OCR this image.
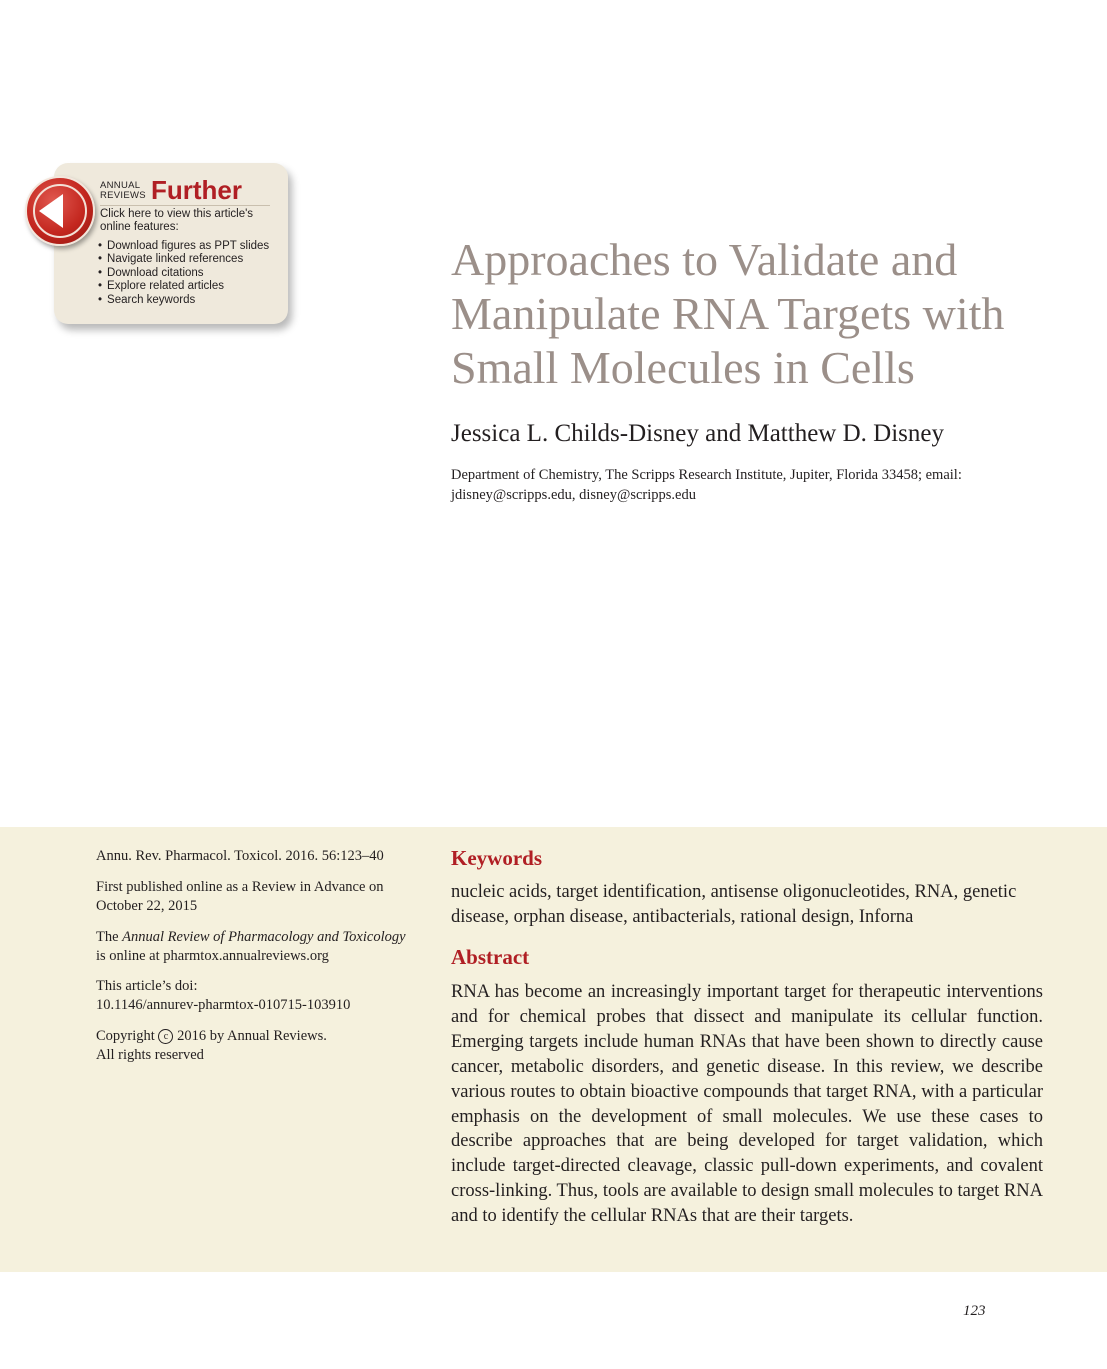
ANNUAL REVIEWS Further
Click here to view this article's online features:
• Download figures as PPT slides
• Navigate linked references
• Download citations
• Explore related articles
• Search keywords
Approaches to Validate and Manipulate RNA Targets with Small Molecules in Cells
Jessica L. Childs-Disney and Matthew D. Disney
Department of Chemistry, The Scripps Research Institute, Jupiter, Florida 33458; email: jdisney@scripps.edu, disney@scripps.edu
Annu. Rev. Pharmacol. Toxicol. 2016. 56:123–40
First published online as a Review in Advance on October 22, 2015
The Annual Review of Pharmacology and Toxicology is online at pharmtox.annualreviews.org
This article’s doi:
10.1146/annurev-pharmtox-010715-103910
Copyright c 2016 by Annual Reviews.
All rights reserved
Keywords
nucleic acids, target identification, antisense oligonucleotides, RNA, genetic disease, orphan disease, antibacterials, rational design, Inforna
Abstract

RNA has become an increasingly important target for therapeutic interventions and for chemical probes that dissect and manipulate its cellular function. Emerging targets include human RNAs that have been shown to directly cause cancer, metabolic disorders, and genetic disease. In this review, we describe various routes to obtain bioactive compounds that target RNA, with a particular emphasis on the development of small molecules. We use these cases to describe approaches that are being developed for target validation, which include target-directed cleavage, classic pull-down experiments, and covalent cross-linking. Thus, tools are available to design small molecules to target RNA and to identify the cellular RNAs that are their targets.

123
